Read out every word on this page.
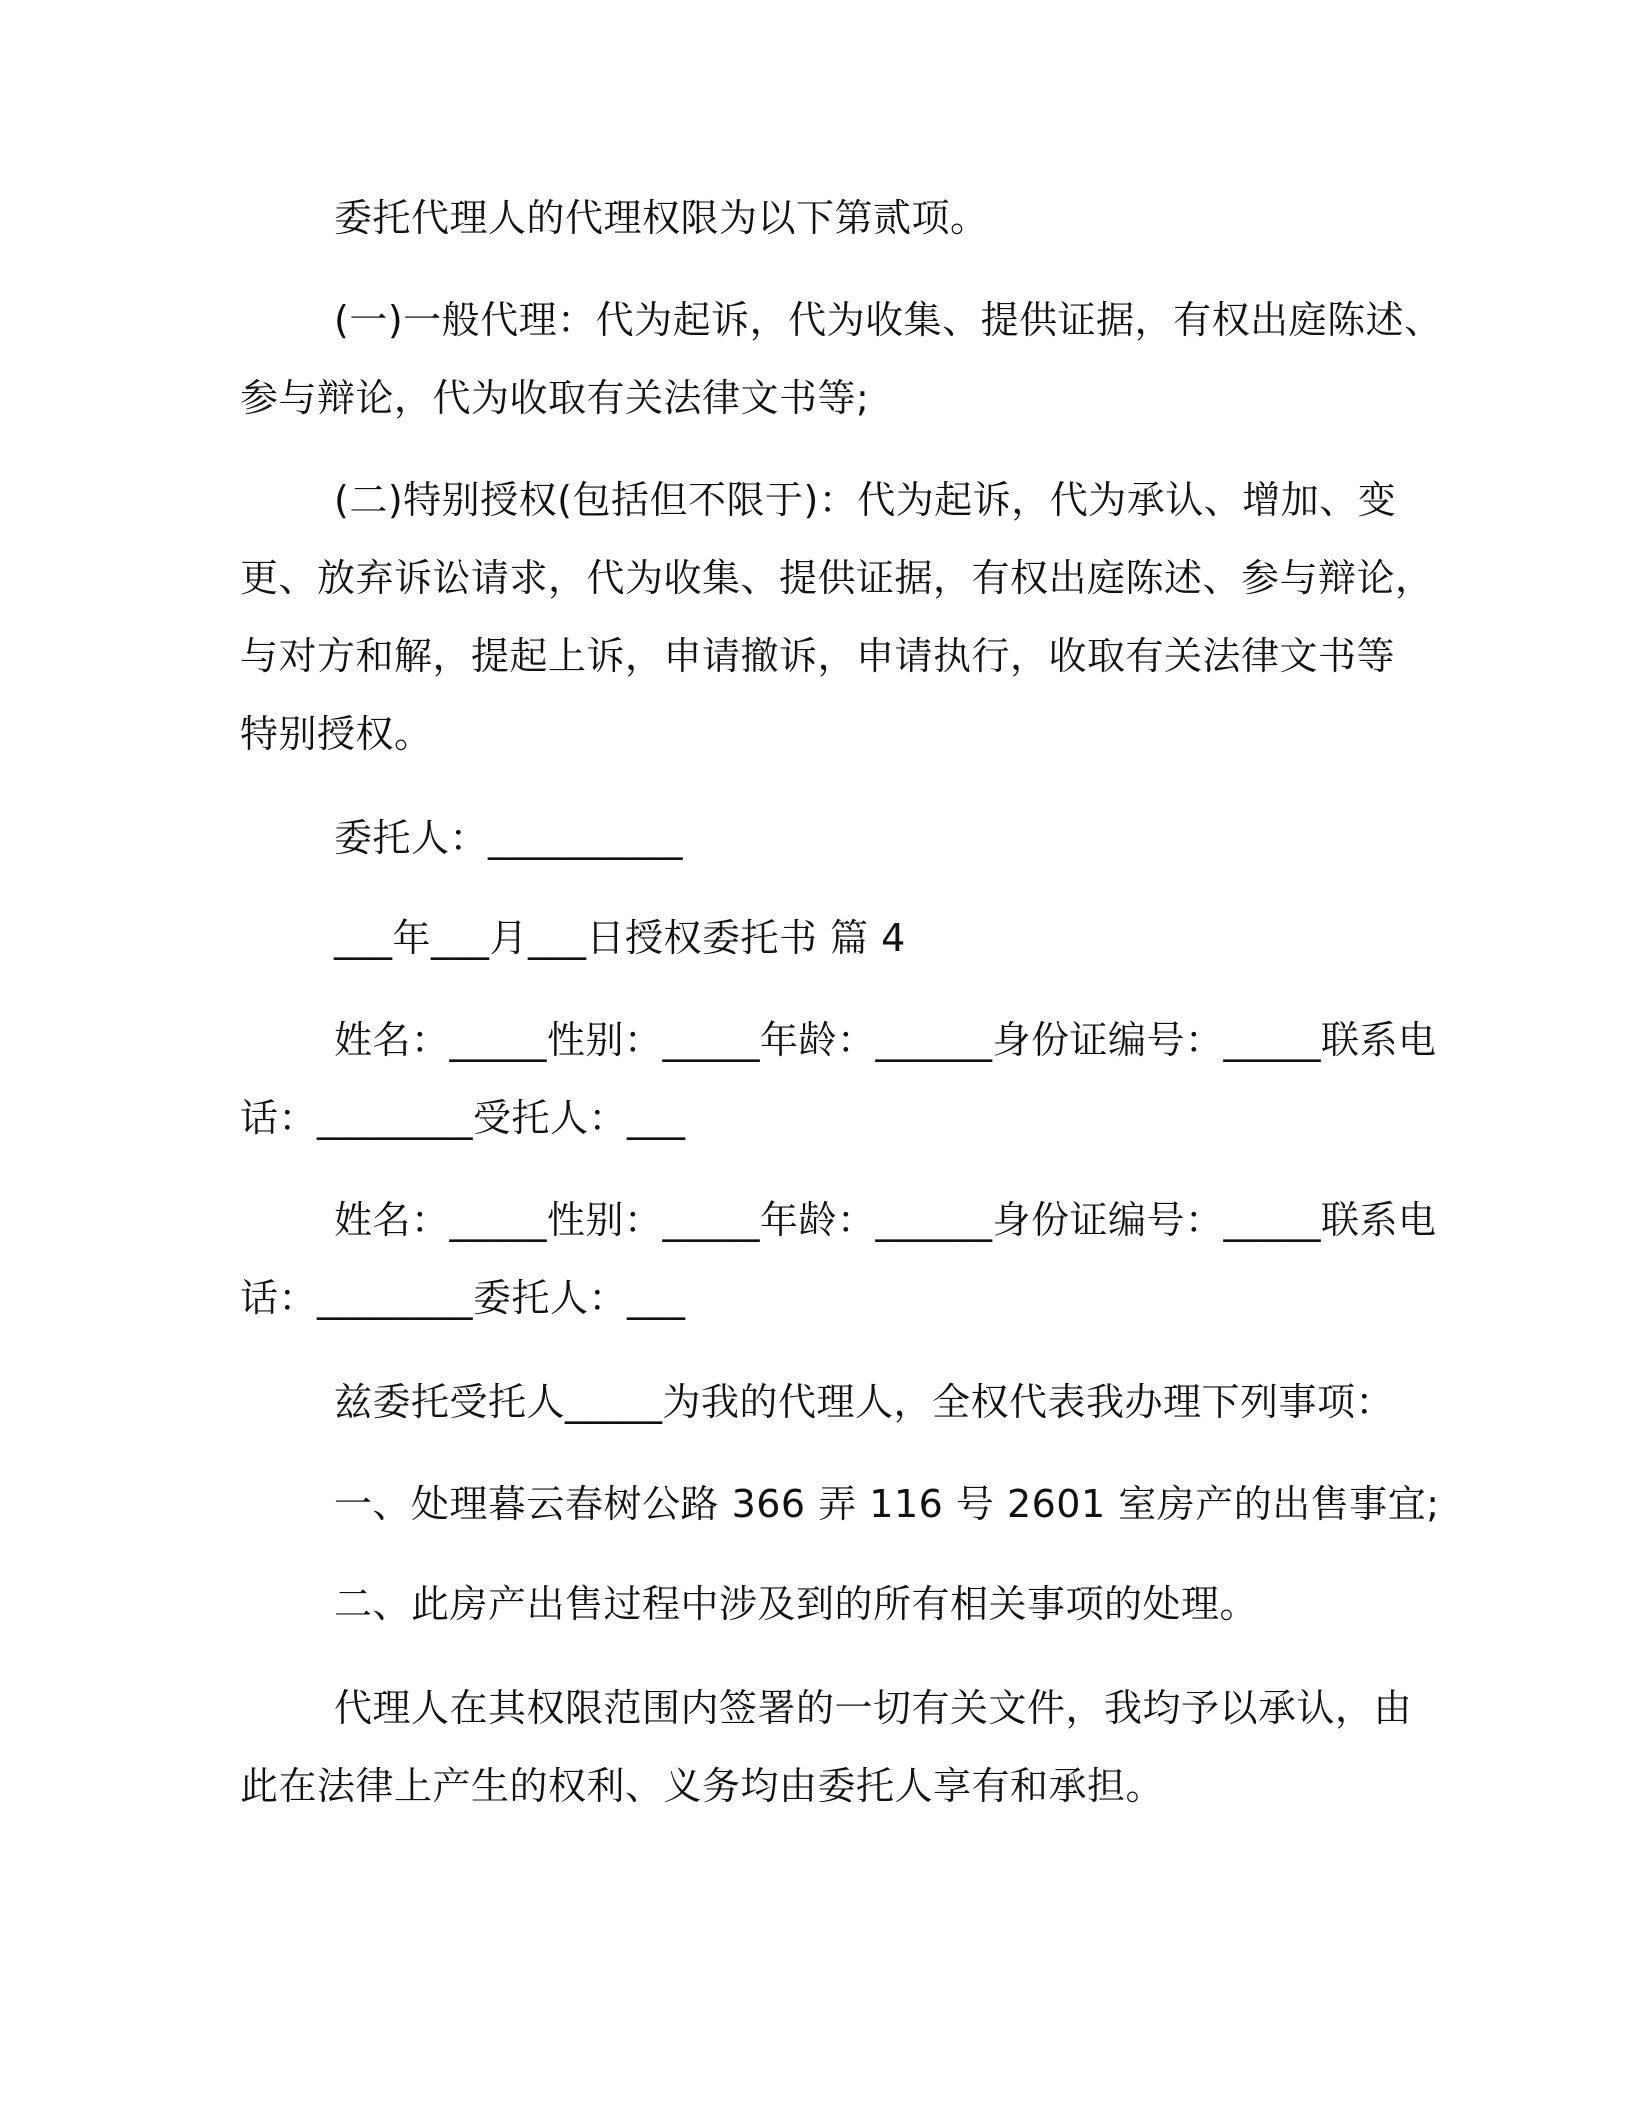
委托代理人的代理权限为以下第贰项。
(一)一般代理：代为起诉，代为收集、提供证据，有权出庭陈述、
参与辩论，代为收取有关法律文书等;
(二)特别授权(包括但不限于)：代为起诉，代为承认、增加、变
更、放弃诉讼请求，代为收集、提供证据，有权出庭陈述、参与辩论，
与对方和解，提起上诉，申请撤诉，申请执行，收取有关法律文书等
特别授权。
委托人：__________
___年___月___日授权委托书 篇 4
姓名：_____性别：_____年龄：______身份证编号：_____联系电
话：________受托人：___
姓名：_____性别：_____年龄：______身份证编号：_____联系电
话：________委托人：___
兹委托受托人_____为我的代理人，全权代表我办理下列事项：
一、处理暮云春树公路 366 弄 116 号 2601 室房产的出售事宜;
二、此房产出售过程中涉及到的所有相关事项的处理。
代理人在其权限范围内签署的一切有关文件，我均予以承认，由
此在法律上产生的权利、义务均由委托人享有和承担。
